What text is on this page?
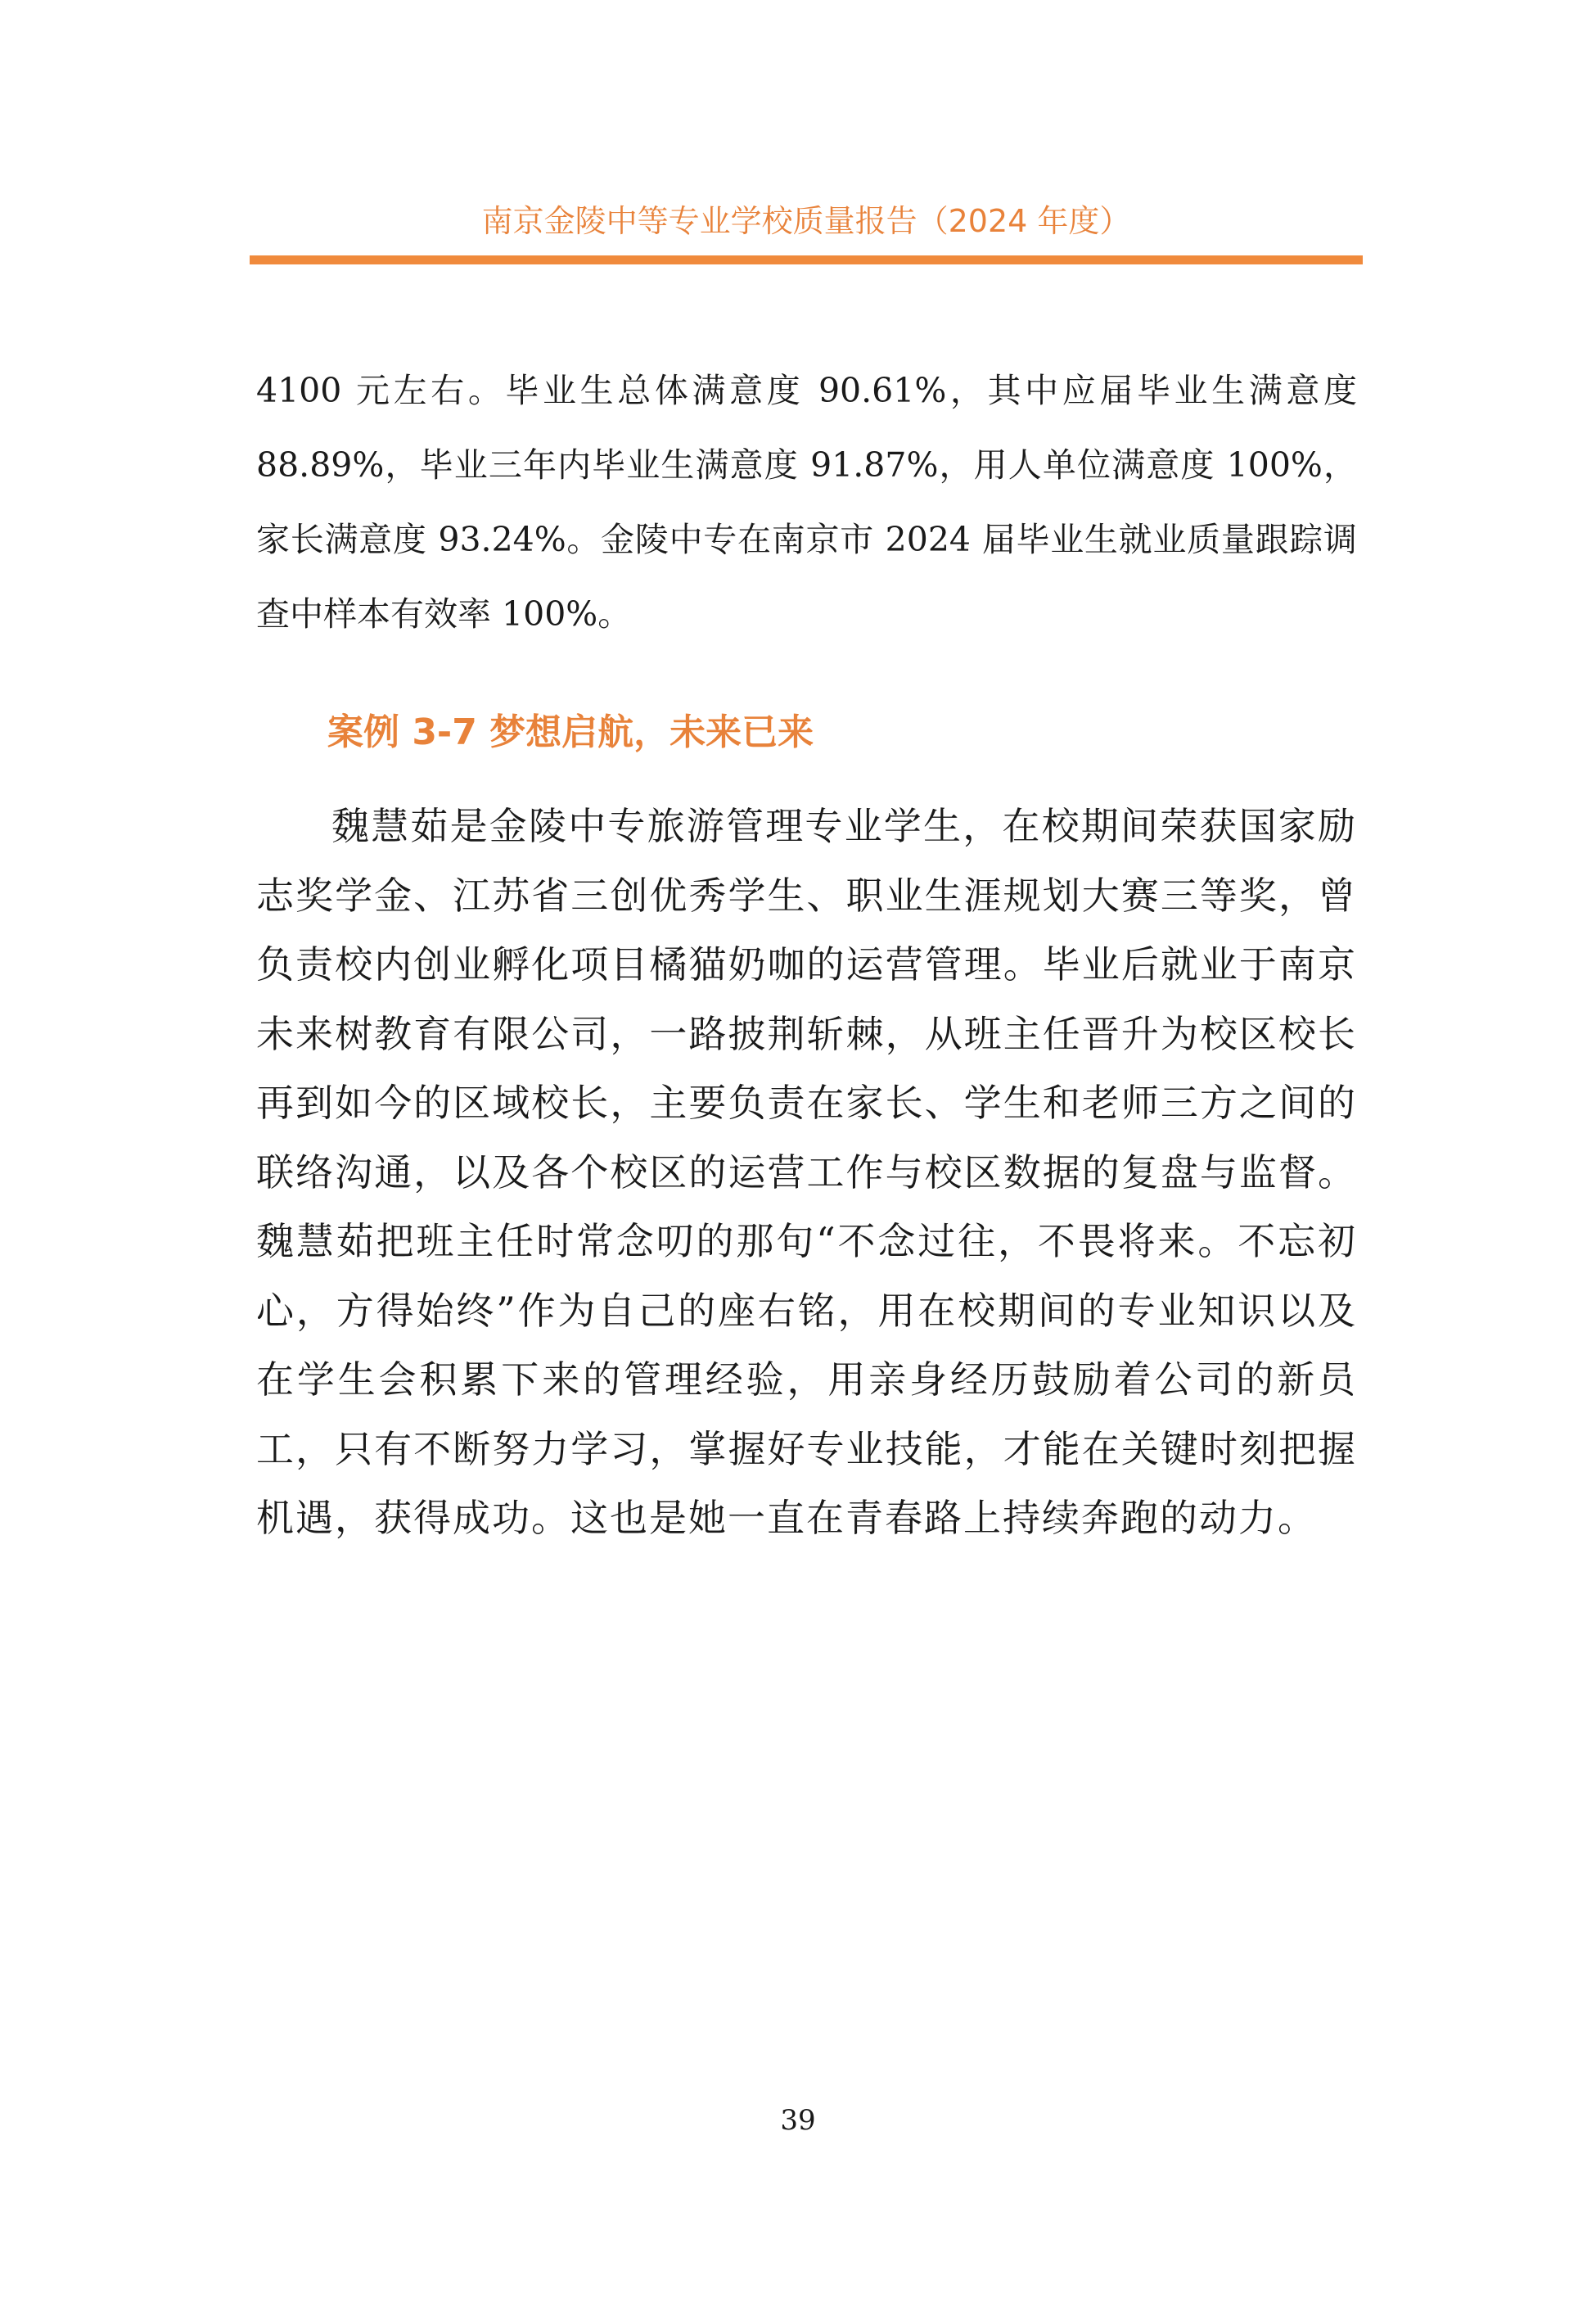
南京金陵中等专业学校质量报告（2024 年度）

4100 元左右。毕业生总体满意度 90.61%，其中应届毕业生满意度 88.89%，毕业三年内毕业生满意度 91.87%，用人单位满意度 100%，家长满意度 93.24%。金陵中专在南京市 2024 届毕业生就业质量跟踪调查中样本有效率 100%。

案例 3-7 梦想启航，未来已来

魏慧茹是金陵中专旅游管理专业学生，在校期间荣获国家励志奖学金、江苏省三创优秀学生、职业生涯规划大赛三等奖，曾负责校内创业孵化项目橘猫奶咖的运营管理。毕业后就业于南京未来树教育有限公司，一路披荆斩棘，从班主任晋升为校区校长再到如今的区域校长，主要负责在家长、学生和老师三方之间的联络沟通，以及各个校区的运营工作与校区数据的复盘与监督。魏慧茹把班主任时常念叨的那句“不念过往，不畏将来。不忘初心，方得始终”作为自己的座右铭，用在校期间的专业知识以及在学生会积累下来的管理经验，用亲身经历鼓励着公司的新员工，只有不断努力学习，掌握好专业技能，才能在关键时刻把握机遇，获得成功。这也是她一直在青春路上持续奔跑的动力。

39
